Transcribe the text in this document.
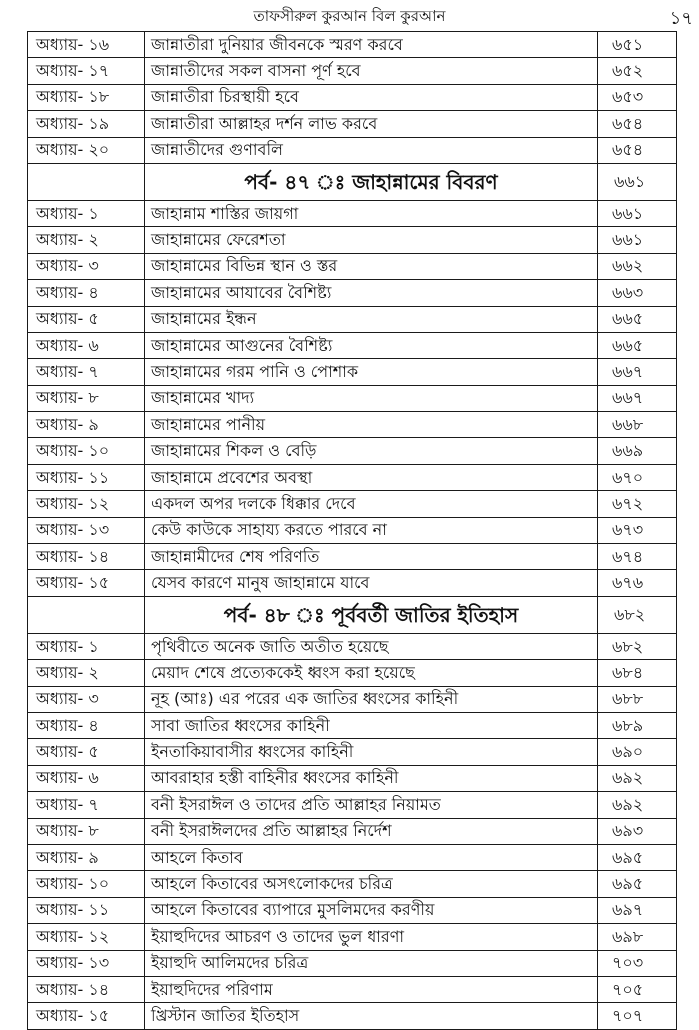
তাফসীরুল কুরআন বিল কুরআন	১৭
অধ্যায়- ১৬	জান্নাতীরা দুনিয়ার জীবনকে স্মরণ করবে	৬৫১
অধ্যায়- ১৭	জান্নাতীদের সকল বাসনা পূর্ণ হবে	৬৫২
অধ্যায়- ১৮	জান্নাতীরা চিরস্থায়ী হবে	৬৫৩
অধ্যায়- ১৯	জান্নাতীরা আল্লাহর দর্শন লাভ করবে	৬৫৪
অধ্যায়- ২০	জান্নাতীদের গুণাবলি	৬৫৪
	পর্ব- ৪৭ ঃ জাহান্নামের বিবরণ	৬৬১
অধ্যায়- ১	জাহান্নাম শাস্তির জায়গা	৬৬১
অধ্যায়- ২	জাহান্নামের ফেরেশতা	৬৬১
অধ্যায়- ৩	জাহান্নামের বিভিন্ন স্থান ও স্তর	৬৬২
অধ্যায়- ৪	জাহান্নামের আযাবের বৈশিষ্ট্য	৬৬৩
অধ্যায়- ৫	জাহান্নামের ইন্ধন	৬৬৫
অধ্যায়- ৬	জাহান্নামের আগুনের বৈশিষ্ট্য	৬৬৫
অধ্যায়- ৭	জাহান্নামের গরম পানি ও পোশাক	৬৬৭
অধ্যায়- ৮	জাহান্নামের খাদ্য	৬৬৭
অধ্যায়- ৯	জাহান্নামের পানীয়	৬৬৮
অধ্যায়- ১০	জাহান্নামের শিকল ও বেড়ি	৬৬৯
অধ্যায়- ১১	জাহান্নামে প্রবেশের অবস্থা	৬৭০
অধ্যায়- ১২	একদল অপর দলকে ধিক্কার দেবে	৬৭২
অধ্যায়- ১৩	কেউ কাউকে সাহায্য করতে পারবে না	৬৭৩
অধ্যায়- ১৪	জাহান্নামীদের শেষ পরিণতি	৬৭৪
অধ্যায়- ১৫	যেসব কারণে মানুষ জাহান্নামে যাবে	৬৭৬
	পর্ব- ৪৮ ঃ পূর্ববর্তী জাতির ইতিহাস	৬৮২
অধ্যায়- ১	পৃথিবীতে অনেক জাতি অতীত হয়েছে	৬৮২
অধ্যায়- ২	মেয়াদ শেষে প্রত্যেককেই ধ্বংস করা হয়েছে	৬৮৪
অধ্যায়- ৩	নূহ (আঃ) এর পরের এক জাতির ধ্বংসের কাহিনী	৬৮৮
অধ্যায়- ৪	সাবা জাতির ধ্বংসের কাহিনী	৬৮৯
অধ্যায়- ৫	ইনতাকিয়াবাসীর ধ্বংসের কাহিনী	৬৯০
অধ্যায়- ৬	আবরাহার হস্তী বাহিনীর ধ্বংসের কাহিনী	৬৯২
অধ্যায়- ৭	বনী ইসরাঈল ও তাদের প্রতি আল্লাহর নিয়ামত	৬৯২
অধ্যায়- ৮	বনী ইসরাঈলদের প্রতি আল্লাহর নির্দেশ	৬৯৩
অধ্যায়- ৯	আহলে কিতাব	৬৯৫
অধ্যায়- ১০	আহলে কিতাবের অসৎলোকদের চরিত্র	৬৯৫
অধ্যায়- ১১	আহলে কিতাবের ব্যাপারে মুসলিমদের করণীয়	৬৯৭
অধ্যায়- ১২	ইয়াহুদিদের আচরণ ও তাদের ভুল ধারণা	৬৯৮
অধ্যায়- ১৩	ইয়াহুদি আলিমদের চরিত্র	৭০৩
অধ্যায়- ১৪	ইয়াহুদিদের পরিণাম	৭০৫
অধ্যায়- ১৫	খ্রিস্টান জাতির ইতিহাস	৭০৭
